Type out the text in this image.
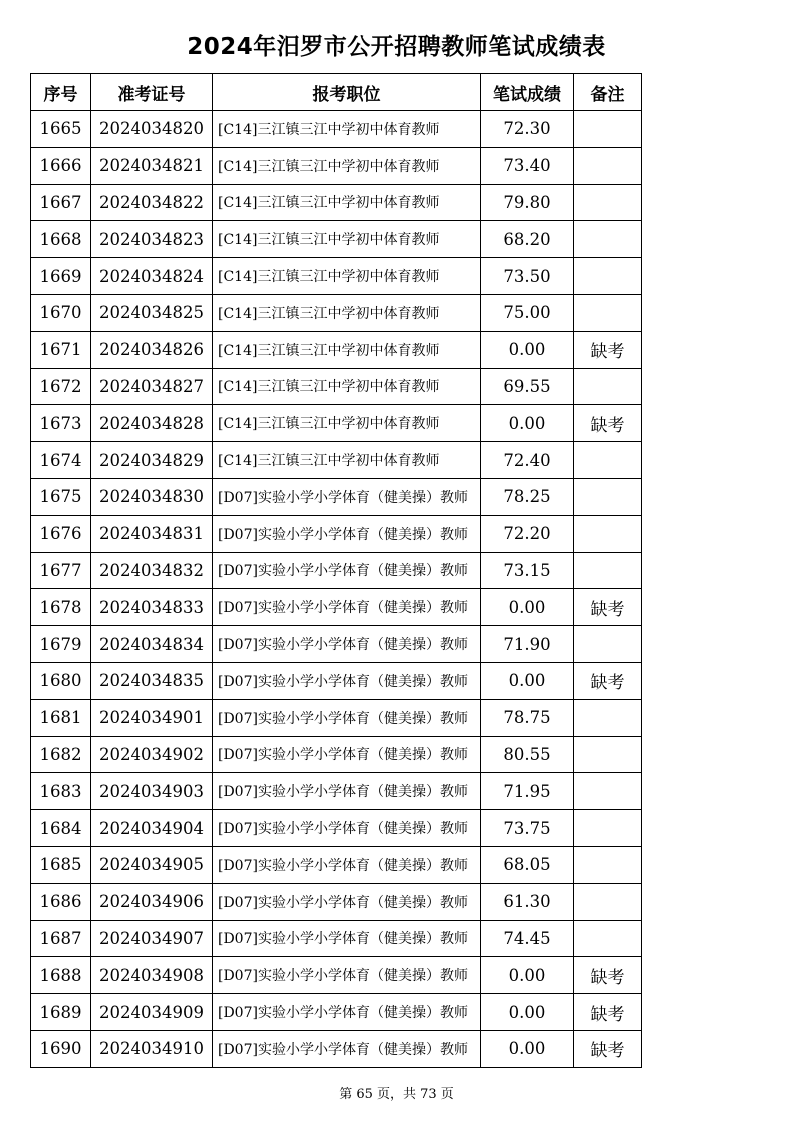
2024年汨罗市公开招聘教师笔试成绩表
序号	准考证号	报考职位	笔试成绩	备注
1665	2024034820	[C14]三江镇三江中学初中体育教师	72.30	
1666	2024034821	[C14]三江镇三江中学初中体育教师	73.40	
1667	2024034822	[C14]三江镇三江中学初中体育教师	79.80	
1668	2024034823	[C14]三江镇三江中学初中体育教师	68.20	
1669	2024034824	[C14]三江镇三江中学初中体育教师	73.50	
1670	2024034825	[C14]三江镇三江中学初中体育教师	75.00	
1671	2024034826	[C14]三江镇三江中学初中体育教师	0.00	缺考
1672	2024034827	[C14]三江镇三江中学初中体育教师	69.55	
1673	2024034828	[C14]三江镇三江中学初中体育教师	0.00	缺考
1674	2024034829	[C14]三江镇三江中学初中体育教师	72.40	
1675	2024034830	[D07]实验小学小学体育（健美操）教师	78.25	
1676	2024034831	[D07]实验小学小学体育（健美操）教师	72.20	
1677	2024034832	[D07]实验小学小学体育（健美操）教师	73.15	
1678	2024034833	[D07]实验小学小学体育（健美操）教师	0.00	缺考
1679	2024034834	[D07]实验小学小学体育（健美操）教师	71.90	
1680	2024034835	[D07]实验小学小学体育（健美操）教师	0.00	缺考
1681	2024034901	[D07]实验小学小学体育（健美操）教师	78.75	
1682	2024034902	[D07]实验小学小学体育（健美操）教师	80.55	
1683	2024034903	[D07]实验小学小学体育（健美操）教师	71.95	
1684	2024034904	[D07]实验小学小学体育（健美操）教师	73.75	
1685	2024034905	[D07]实验小学小学体育（健美操）教师	68.05	
1686	2024034906	[D07]实验小学小学体育（健美操）教师	61.30	
1687	2024034907	[D07]实验小学小学体育（健美操）教师	74.45	
1688	2024034908	[D07]实验小学小学体育（健美操）教师	0.00	缺考
1689	2024034909	[D07]实验小学小学体育（健美操）教师	0.00	缺考
1690	2024034910	[D07]实验小学小学体育（健美操）教师	0.00	缺考
第 65 页，共 73 页
